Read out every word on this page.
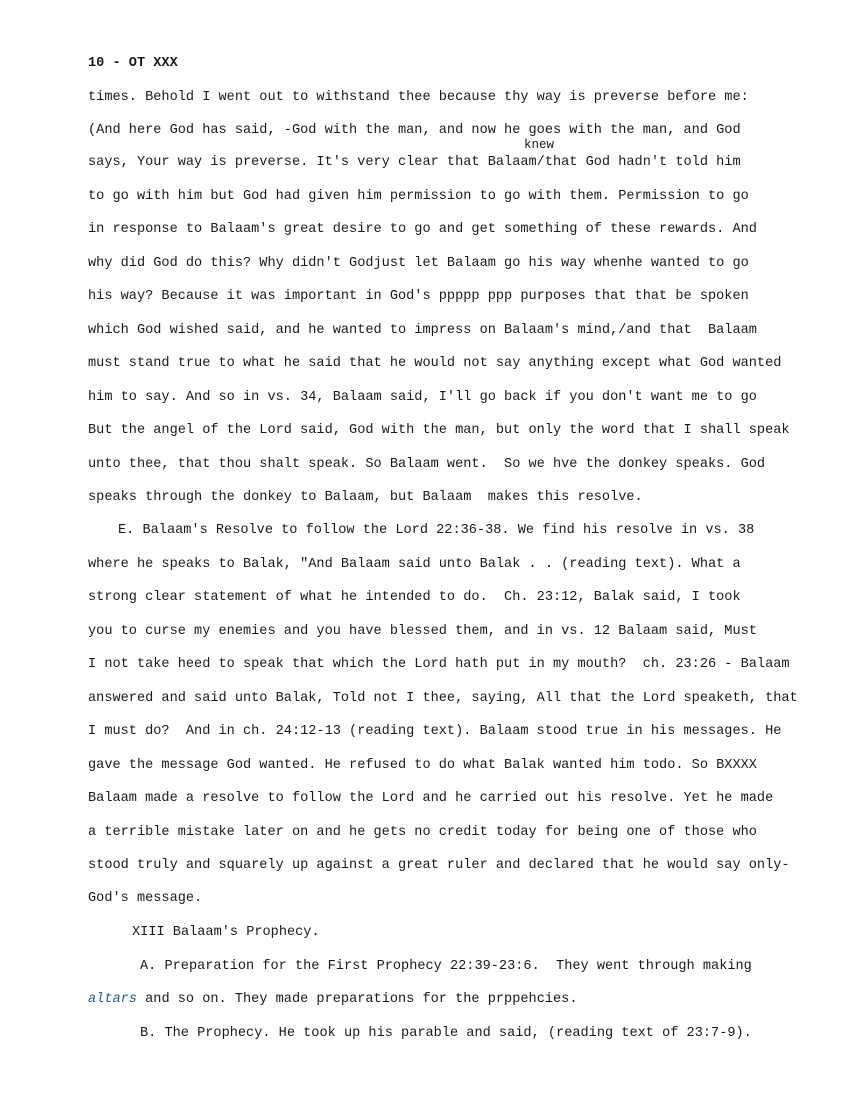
10 - OT XXX
times. Behold I went out to withstand thee because thy way is preverse before me:
(And here God has said, -God with the man, and now he goes with the man, and God
knew
says, Your way is preverse. It's very clear that Balaam/that God hadn't told him
to go with him but God had given him permission to go with them. Permission to go
in response to Balaam's great desire to go and get something of these rewards. And
why did God do this? Why didn't Godjust let Balaam go his way whenhe wanted to go
his way? Because it was important in God's ppppp ppp purposes that that be spoken
which God wished said, and he wanted to impress on Balaam's mind,/and that  Balaam
must stand true to what he said that he would not say anything except what God wanted
him to say. And so in vs. 34, Balaam said, I'll go back if you don't want me to go
But the angel of the Lord said, God with the man, but only the word that I shall speak
unto thee, that thou shalt speak. So Balaam went.  So we hve the donkey speaks. God
speaks through the donkey to Balaam, but Balaam  makes this resolve.
E. Balaam's Resolve to follow the Lord 22:36-38. We find his resolve in vs. 38
where he speaks to Balak, "And Balaam said unto Balak . . (reading text). What a
strong clear statement of what he intended to do.  Ch. 23:12, Balak said, I took
you to curse my enemies and you have blessed them, and in vs. 12 Balaam said, Must
I not take heed to speak that which the Lord hath put in my mouth?  ch. 23:26 - Balaam
answered and said unto Balak, Told not I thee, saying, All that the Lord speaketh, that
I must do?  And in ch. 24:12-13 (reading text). Balaam stood true in his messages. He
gave the message God wanted. He refused to do what Balak wanted him todo. So BXXXX
Balaam made a resolve to follow the Lord and he carried out his resolve. Yet he made
a terrible mistake later on and he gets no credit today for being one of those who
stood truly and squarely up against a great ruler and declared that he would say only-
God's message.
XIII Balaam's Prophecy.
A. Preparation for the First Prophecy 22:39-23:6.  They went through making
altars and so on. They made preparations for the prppehcies.
B. The Prophecy. He took up his parable and said, (reading text of 23:7-9).
